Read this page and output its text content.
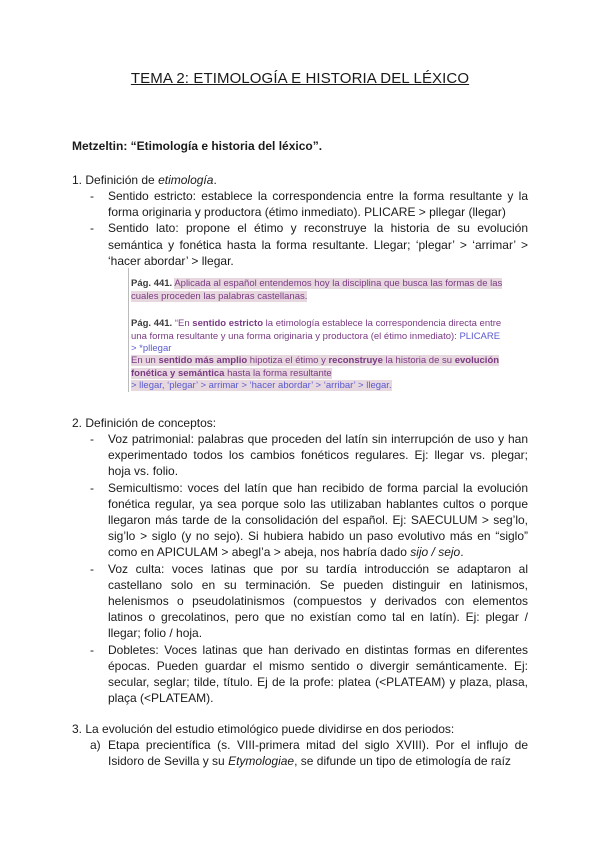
TEMA 2: ETIMOLOGÍA E HISTORIA DEL LÉXICO
Metzeltin: “Etimología e historia del léxico”.
1. Definición de etimología.
- Sentido estricto: establece la correspondencia entre la forma resultante y la forma originaria y productora (étimo inmediato). PLICARE > pllegar (llegar)
- Sentido lato: propone el étimo y reconstruye la historia de su evolución semántica y fonética hasta la forma resultante. Llegar; ‘plegar’ > ‘arrimar’ > ‘hacer abordar’ > llegar.
Pág. 441. Aplicada al español entendemos hoy la disciplina que busca las formas de las cuales proceden las palabras castellanas.
Pág. 441. “En sentido estricto la etimología establece la correspondencia directa entre una forma resultante y una forma originaria y productora (el étimo inmediato): PLICARE > *pllegar
En un sentido más amplio hipotiza el étimo y reconstruye la historia de su evolución fonética y semántica hasta la forma resultante
> llegar, ‘plegar’ > arrimar > ‘hacer abordar’ > ‘arribar’ > llegar.
2. Definición de conceptos:
- Voz patrimonial: palabras que proceden del latín sin interrupción de uso y han experimentado todos los cambios fonéticos regulares. Ej: llegar vs. plegar; hoja vs. folio.
- Semicultismo: voces del latín que han recibido de forma parcial la evolución fonética regular, ya sea porque solo las utilizaban hablantes cultos o porque llegaron más tarde de la consolidación del español. Ej: SAECULUM > seg’lo, sig’lo > siglo (y no sejo). Si hubiera habido un paso evolutivo más en “siglo” como en APICULAM > abegl’a > abeja, nos habría dado sijo / sejo.
- Voz culta: voces latinas que por su tardía introducción se adaptaron al castellano solo en su terminación. Se pueden distinguir en latinismos, helenismos o pseudolatinismos (compuestos y derivados con elementos latinos o grecolatinos, pero que no existían como tal en latín). Ej: plegar / llegar; folio / hoja.
- Dobletes: Voces latinas que han derivado en distintas formas en diferentes épocas. Pueden guardar el mismo sentido o divergir semánticamente. Ej: secular, seglar; tilde, título. Ej de la profe: platea (<PLATEAM) y plaza, plasa, plaça (<PLATEAM).
3. La evolución del estudio etimológico puede dividirse en dos periodos:
a) Etapa precientífica (s. VIII-primera mitad del siglo XVIII). Por el influjo de Isidoro de Sevilla y su Etymologiae, se difunde un tipo de etimología de raíz
